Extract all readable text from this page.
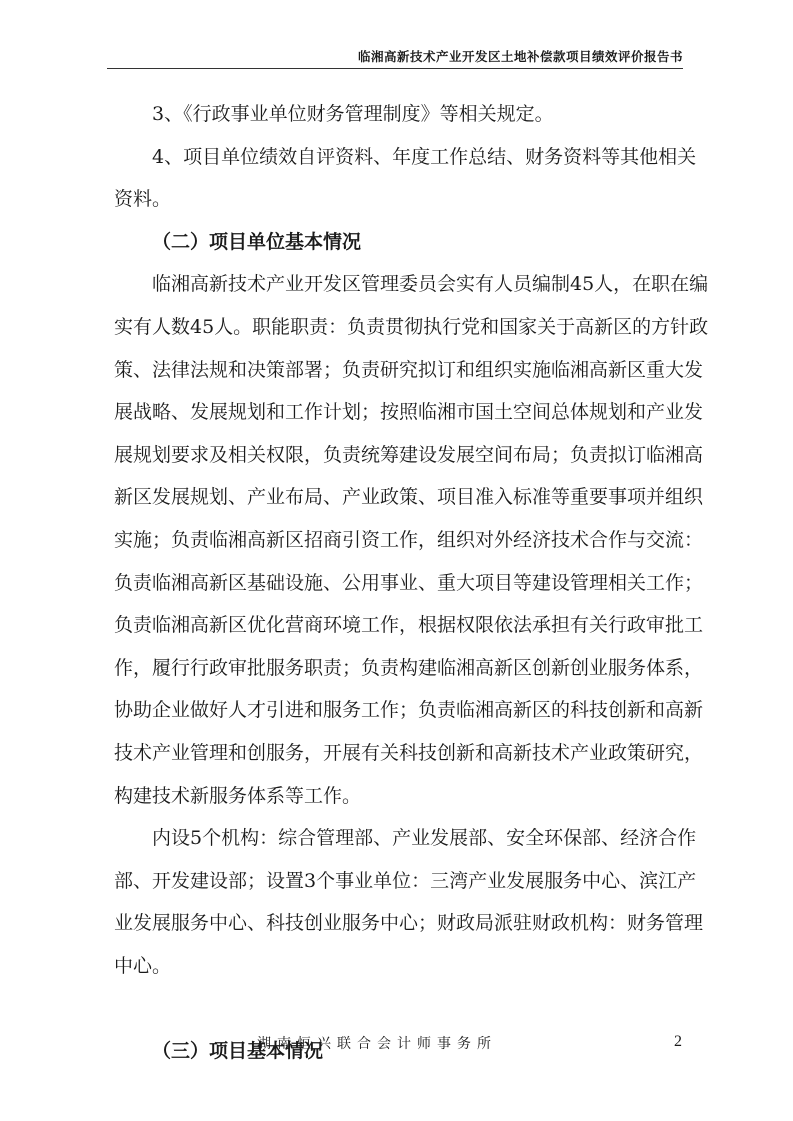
临湘高新技术产业开发区土地补偿款项目绩效评价报告书
3、《行政事业单位财务管理制度》等相关规定。
4、项目单位绩效自评资料、年度工作总结、财务资料等其他相关
资料。
（二）项目单位基本情况
临湘高新技术产业开发区管理委员会实有人员编制45人，在职在编
实有人数45人。职能职责：负责贯彻执行党和国家关于高新区的方针政
策、法律法规和决策部署；负责研究拟订和组织实施临湘高新区重大发
展战略、发展规划和工作计划；按照临湘市国土空间总体规划和产业发
展规划要求及相关权限，负责统筹建设发展空间布局；负责拟订临湘高
新区发展规划、产业布局、产业政策、项目准入标准等重要事项并组织
实施；负责临湘高新区招商引资工作，组织对外经济技术合作与交流：
负责临湘高新区基础设施、公用事业、重大项目等建设管理相关工作；
负责临湘高新区优化营商环境工作，根据权限依法承担有关行政审批工
作，履行行政审批服务职责；负责构建临湘高新区创新创业服务体系，
协助企业做好人才引进和服务工作；负责临湘高新区的科技创新和高新
技术产业管理和创服务，开展有关科技创新和高新技术产业政策研究，
构建技术新服务体系等工作。
内设5个机构：综合管理部、产业发展部、安全环保部、经济合作
部、开发建设部；设置3个事业单位：三湾产业发展服务中心、滨江产
业发展服务中心、科技创业服务中心；财政局派驻财政机构：财务管理
中心。
（三）项目基本情况
湖南恒兴联合会计师事务所	2
